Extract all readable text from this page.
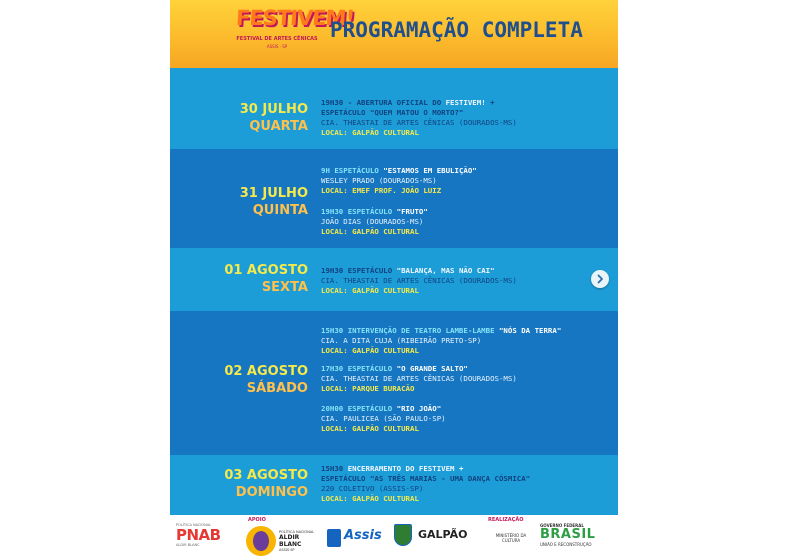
FESTIVEM!
FESTIVAL DE ARTES CÊNICAS
ASSIS · SP
PROGRAMAÇÃO COMPLETA
30 JULHO
QUARTA
19H30 - ABERTURA OFICIAL DO FESTIVEM! +
ESPETÁCULO "QUEM MATOU O MORTO?"
CIA. THEASTAI DE ARTES CÊNICAS (DOURADOS-MS)
LOCAL: GALPÃO CULTURAL
31 JULHO
QUINTA
9H ESPETÁCULO "ESTAMOS EM EBULIÇÃO"
WESLEY PRADO (DOURADOS-MS)
LOCAL: EMEF PROF. JOÃO LUIZ
19H30 ESPETÁCULO "FRUTO"
JOÃO DIAS (DOURADOS-MS)
LOCAL: GALPÃO CULTURAL
01 AGOSTO
SEXTA
19H30 ESPETÁCULO "BALANÇA, MAS NÃO CAI"
CIA. THEASTAI DE ARTES CÊNICAS (DOURADOS-MS)
LOCAL: GALPÃO CULTURAL
02 AGOSTO
SÁBADO
15H30 INTERVENÇÃO DE TEATRO LAMBE-LAMBE "NÓS DA TERRA"
CIA. A DITA CUJA (RIBEIRÃO PRETO-SP)
LOCAL: GALPÃO CULTURAL
17H30 ESPETÁCULO "O GRANDE SALTO"
CIA. THEASTAI DE ARTES CÊNICAS (DOURADOS-MS)
LOCAL: PARQUE BURACÃO
20H00 ESPETÁCULO "RIO JOÃO"
CIA. PAULICEA (SÃO PAULO-SP)
LOCAL: GALPÃO CULTURAL
03 AGOSTO
DOMINGO
15H30 ENCERRAMENTO DO FESTIVEM +
ESPETÁCULO "AS TRÊS MARIAS - UMA DANÇA CÓSMICA"
220 COLETIVO (ASSIS-SP)
LOCAL: GALPÃO CULTURAL
POLÍTICA NACIONAL
PNAB
ALDIR BLANC
APOIO
POLÍTICA NACIONAL
ALDIR BLANC
ASSIS·SP
Assis	GALPÃO
REALIZAÇÃO
MINISTÉRIO DA CULTURA
GOVERNO FEDERAL
BRASIL
UNIÃO E RECONSTRUÇÃO
